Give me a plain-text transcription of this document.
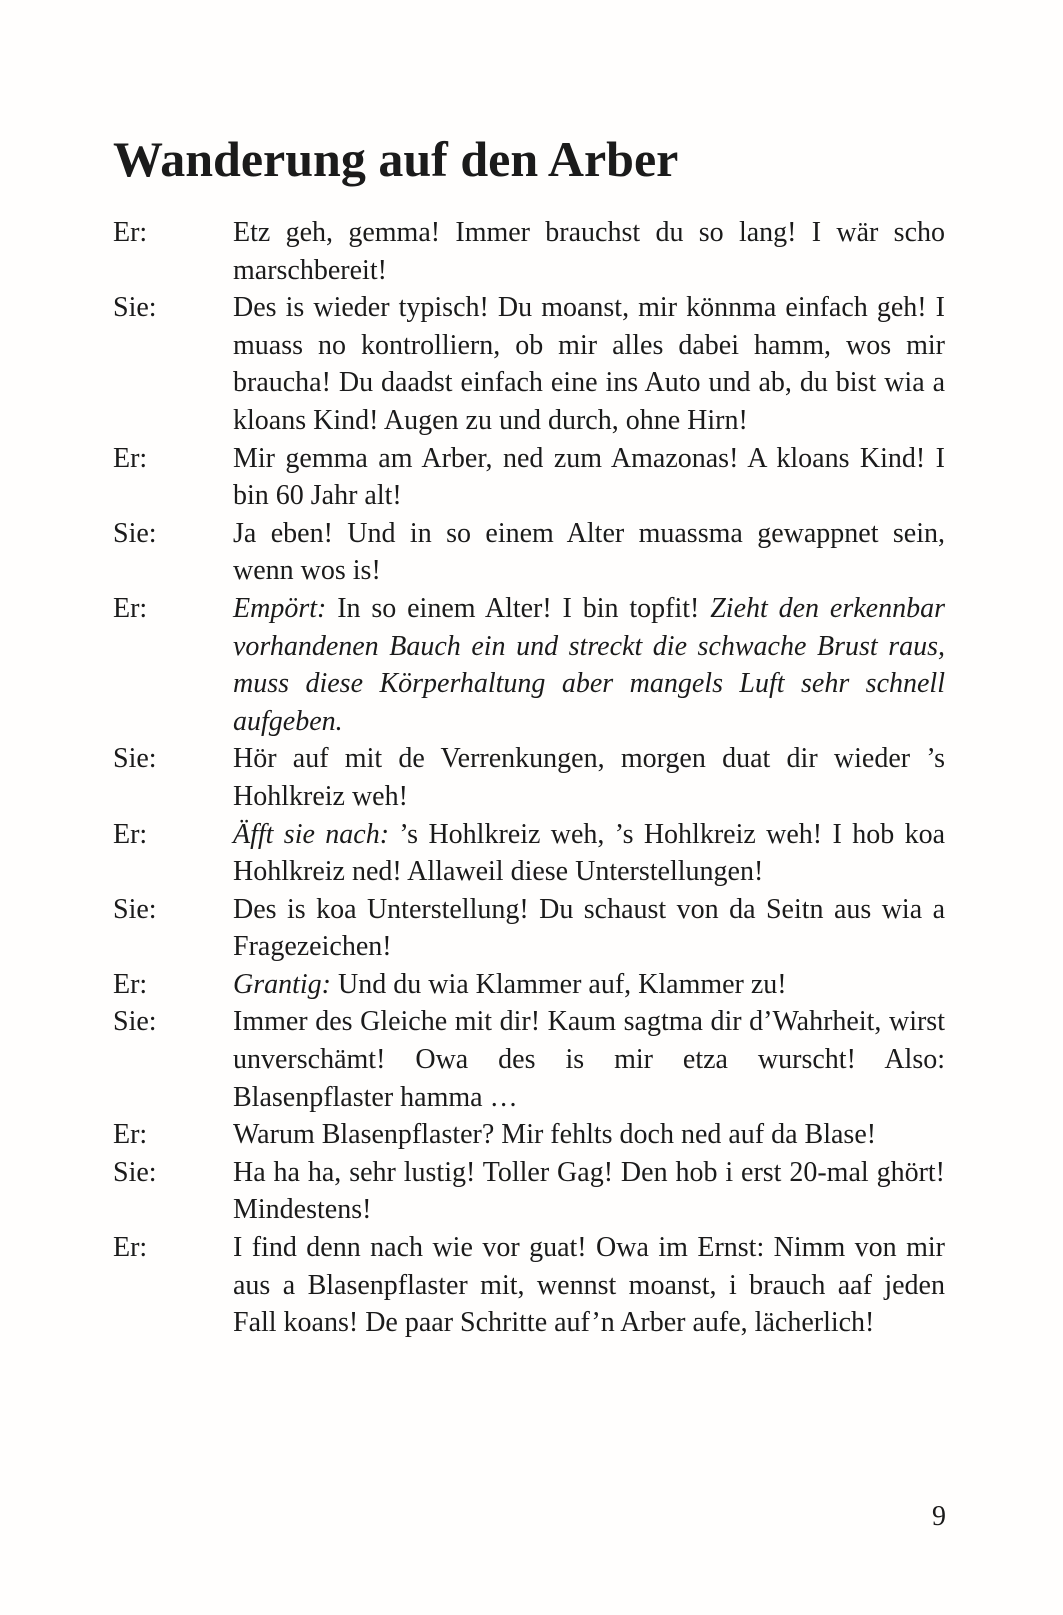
Wanderung auf den Arber
Er:	Etz geh, gemma! Immer brauchst du so lang! I wär scho marschbereit!
Sie:	Des is wieder typisch! Du moanst, mir könnma einfach geh! I muass no kontrolliern, ob mir alles dabei hamm, wos mir braucha! Du daadst einfach eine ins Auto und ab, du bist wia a kloans Kind! Augen zu und durch, ohne Hirn!
Er:	Mir gemma am Arber, ned zum Amazonas! A kloans Kind! I bin 60 Jahr alt!
Sie:	Ja eben! Und in so einem Alter muassma gewappnet sein, wenn wos is!
Er:	Empört: In so einem Alter! I bin topfit! Zieht den erkennbar vorhandenen Bauch ein und streckt die schwache Brust raus, muss diese Körperhaltung aber mangels Luft sehr schnell aufgeben.
Sie:	Hör auf mit de Verrenkungen, morgen duat dir wieder ’s Hohlkreiz weh!
Er:	Äfft sie nach: ’s Hohlkreiz weh, ’s Hohlkreiz weh! I hob koa Hohlkreiz ned! Allaweil diese Unterstellungen!
Sie:	Des is koa Unterstellung! Du schaust von da Seitn aus wia a Fragezeichen!
Er:	Grantig: Und du wia Klammer auf, Klammer zu!
Sie:	Immer des Gleiche mit dir! Kaum sagtma dir d’Wahrheit, wirst unverschämt! Owa des is mir etza wurscht! Also: Blasenpflaster hamma …
Er:	Warum Blasenpflaster? Mir fehlts doch ned auf da Blase!
Sie:	Ha ha ha, sehr lustig! Toller Gag! Den hob i erst 20-mal ghört! Mindestens!
Er:	I find denn nach wie vor guat! Owa im Ernst: Nimm von mir aus a Blasenpflaster mit, wennst moanst, i brauch aaf jeden Fall koans! De paar Schritte auf’n Arber aufe, lächerlich!
9
